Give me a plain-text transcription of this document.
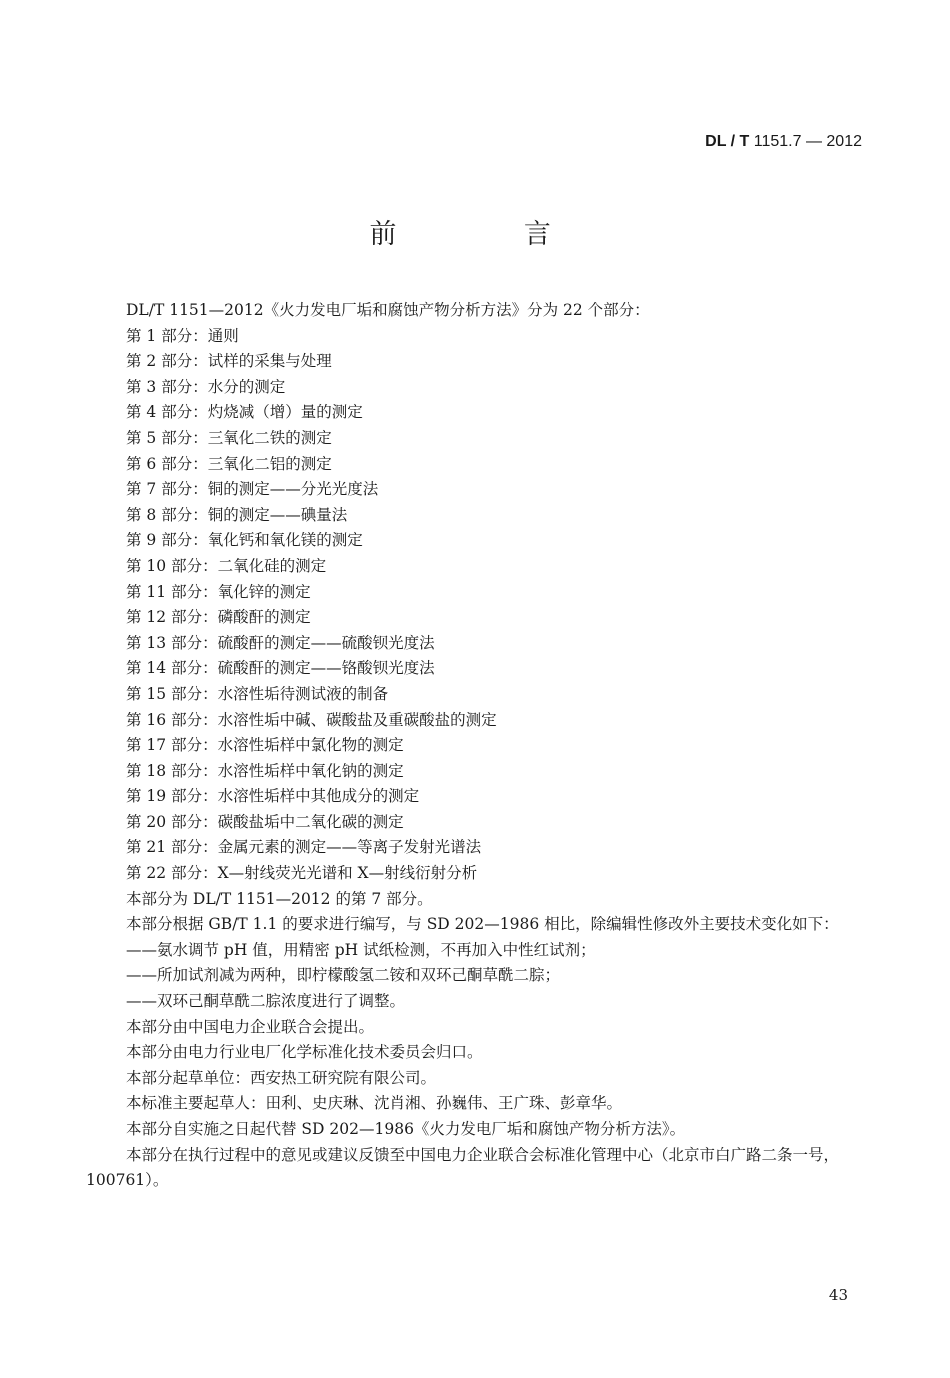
DL / T 1151.7 — 2012
前 言

DL/T 1151—2012《火力发电厂垢和腐蚀产物分析方法》分为 22 个部分：

第 1 部分：通则

第 2 部分：试样的采集与处理

第 3 部分：水分的测定

第 4 部分：灼烧减（增）量的测定

第 5 部分：三氧化二铁的测定

第 6 部分：三氧化二铝的测定

第 7 部分：铜的测定——分光光度法

第 8 部分：铜的测定——碘量法

第 9 部分：氧化钙和氧化镁的测定

第 10 部分：二氧化硅的测定

第 11 部分：氧化锌的测定

第 12 部分：磷酸酐的测定

第 13 部分：硫酸酐的测定——硫酸钡光度法

第 14 部分：硫酸酐的测定——铬酸钡光度法

第 15 部分：水溶性垢待测试液的制备

第 16 部分：水溶性垢中碱、碳酸盐及重碳酸盐的测定

第 17 部分：水溶性垢样中氯化物的测定

第 18 部分：水溶性垢样中氧化钠的测定

第 19 部分：水溶性垢样中其他成分的测定

第 20 部分：碳酸盐垢中二氧化碳的测定

第 21 部分：金属元素的测定——等离子发射光谱法

第 22 部分：X—射线荧光光谱和 X—射线衍射分析

本部分为 DL/T 1151—2012 的第 7 部分。

本部分根据 GB/T 1.1 的要求进行编写，与 SD 202—1986 相比，除编辑性修改外主要技术变化如下：

——氨水调节 pH 值，用精密 pH 试纸检测，不再加入中性红试剂；

——所加试剂减为两种，即柠檬酸氢二铵和双环己酮草酰二腙；

——双环己酮草酰二腙浓度进行了调整。

本部分由中国电力企业联合会提出。

本部分由电力行业电厂化学标准化技术委员会归口。

本部分起草单位：西安热工研究院有限公司。

本标准主要起草人：田利、史庆琳、沈肖湘、孙巍伟、王广珠、彭章华。

本部分自实施之日起代替 SD 202—1986《火力发电厂垢和腐蚀产物分析方法》。

本部分在执行过程中的意见或建议反馈至中国电力企业联合会标准化管理中心（北京市白广路二条一号，100761）。

43
